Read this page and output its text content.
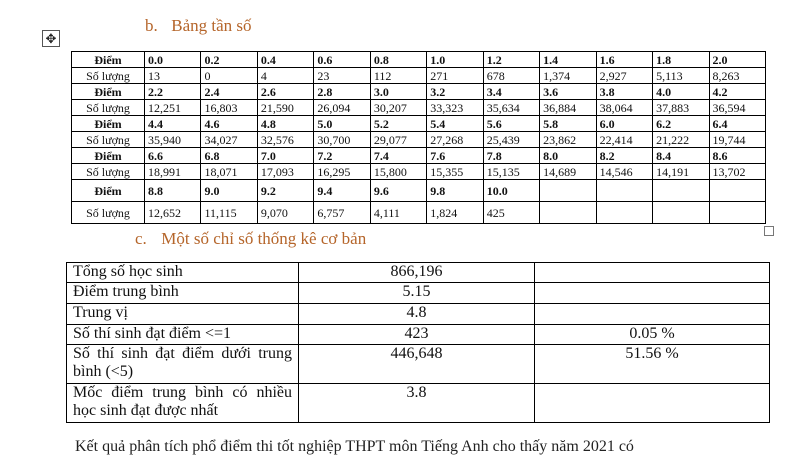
b. Bảng tần số
✥
Điểm	0.0	0.2	0.4	0.6	0.8	1.0	1.2	1.4	1.6	1.8	2.0
Số lượng	13	0	4	23	112	271	678	1,374	2,927	5,113	8,263
Điểm	2.2	2.4	2.6	2.8	3.0	3.2	3.4	3.6	3.8	4.0	4.2
Số lượng	12,251	16,803	21,590	26,094	30,207	33,323	35,634	36,884	38,064	37,883	36,594
Điểm	4.4	4.6	4.8	5.0	5.2	5.4	5.6	5.8	6.0	6.2	6.4
Số lượng	35,940	34,027	32,576	30,700	29,077	27,268	25,439	23,862	22,414	21,222	19,744
Điểm	6.6	6.8	7.0	7.2	7.4	7.6	7.8	8.0	8.2	8.4	8.6
Số lượng	18,991	18,071	17,093	16,295	15,800	15,355	15,135	14,689	14,546	14,191	13,702
Điểm	8.8	9.0	9.2	9.4	9.6	9.8	10.0				
Số lượng	12,652	11,115	9,070	6,757	4,111	1,824	425				
c. Một số chỉ số thống kê cơ bản
Tổng số học sinh	866,196	
Điểm trung bình	5.15	
Trung vị	4.8	
Số thí sinh đạt điểm <=1	423	0.05 %
Số thí sinh đạt điểm dưới trung bình (<5)	446,648	51.56 %
Mốc điểm trung bình có nhiều học sinh đạt được nhất	3.8	
Kết quả phân tích phổ điểm thi tốt nghiệp THPT môn Tiếng Anh cho thấy năm 2021 có
